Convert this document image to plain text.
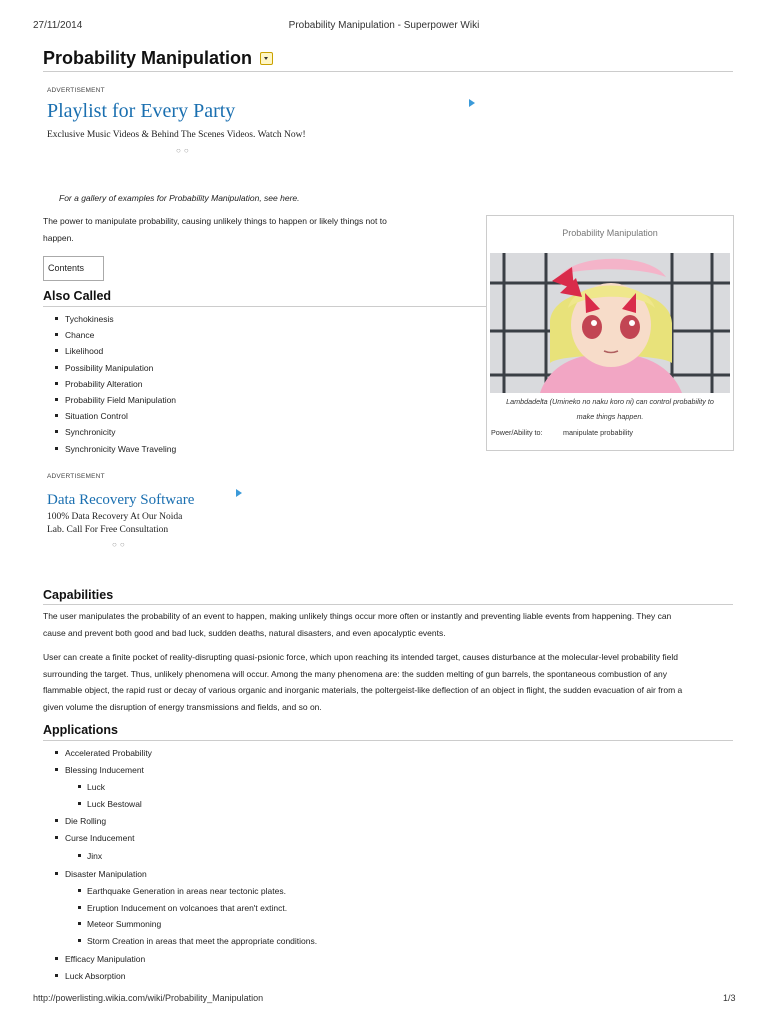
27/11/2014	Probability Manipulation - Superpower Wiki
Probability Manipulation
ADVERTISEMENT
Playlist for Every Party
Exclusive Music Videos & Behind The Scenes Videos. Watch Now!
○○
For a gallery of examples for Probability Manipulation, see here.
The power to manipulate probability, causing unlikely things to happen or likely things not to
happen.
Contents
Also Called
Tychokinesis
Chance
Likelihood
Possibility Manipulation
Probability Alteration
Probability Field Manipulation
Situation Control
Synchronicity
Synchronicity Wave Traveling
Probability Manipulation
Lambdadelta (Umineko no naku koro ni) can control probability to
make things happen.
Power/Ability to:	manipulate probability
ADVERTISEMENT
Data Recovery Software
100% Data Recovery At Our Noida
Lab. Call For Free Consultation
○○
Capabilities
The user manipulates the probability of an event to happen, making unlikely things occur more often or instantly and preventing liable events from happening. They can
cause and prevent both good and bad luck, sudden deaths, natural disasters, and even apocalyptic events.
User can create a finite pocket of reality-disrupting quasi-psionic force, which upon reaching its intended target, causes disturbance at the molecular-level probability field
surrounding the target. Thus, unlikely phenomena will occur. Among the many phenomena are: the sudden melting of gun barrels, the spontaneous combustion of any
flammable object, the rapid rust or decay of various organic and inorganic materials, the poltergeist-like deflection of an object in flight, the sudden evacuation of air from a
given volume the disruption of energy transmissions and fields, and so on.
Applications
Accelerated Probability
Blessing Inducement
Luck
Luck Bestowal
Die Rolling
Curse Inducement
Jinx
Disaster Manipulation
Earthquake Generation in areas near tectonic plates.
Eruption Inducement on volcanoes that aren't extinct.
Meteor Summoning
Storm Creation in areas that meet the appropriate conditions.
Efficacy Manipulation
Luck Absorption
http://powerlisting.wikia.com/wiki/Probability_Manipulation	1/3
